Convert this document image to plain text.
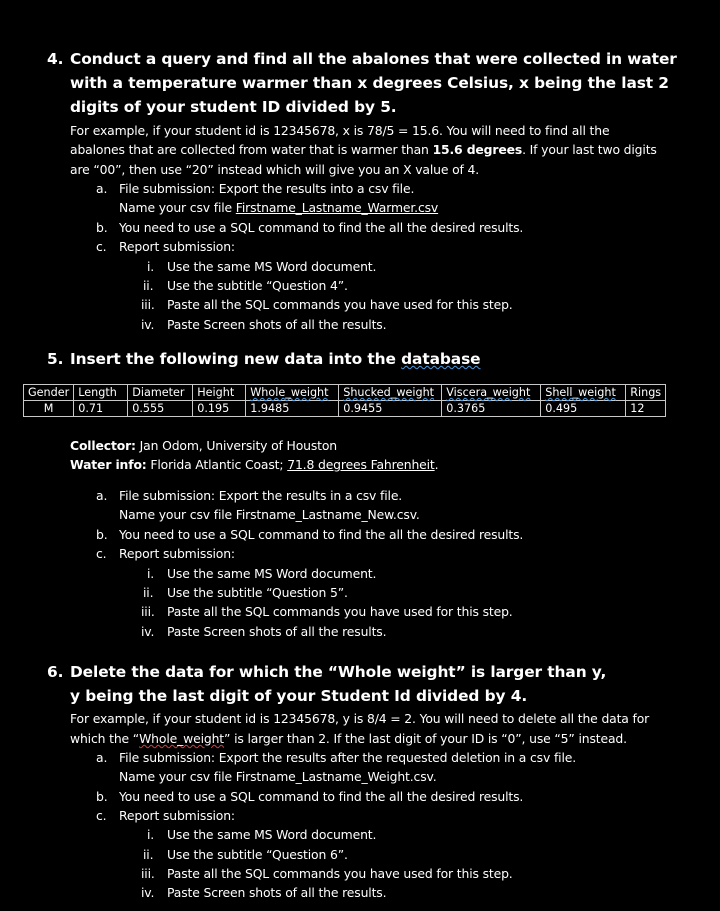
4. Conduct a query and find all the abalones that were collected in water
with a temperature warmer than x degrees Celsius, x being the last 2
digits of your student ID divided by 5.
For example, if your student id is 12345678, x is 78/5 = 15.6. You will need to find all the
abalones that are collected from water that is warmer than 15.6 degrees. If your last two digits
are “00”, then use “20” instead which will give you an X value of 4.
a. File submission: Export the results into a csv file.
Name your csv file Firstname_Lastname_Warmer.csv
b. You need to use a SQL command to find the all the desired results.
c. Report submission:
i. Use the same MS Word document.
ii. Use the subtitle “Question 4”.
iii. Paste all the SQL commands you have used for this step.
iv. Paste Screen shots of all the results.
5. Insert the following new data into the database
Gender	Length	Diameter	Height	Whole_weight	Shucked_weight	Viscera_weight	Shell_weight	Rings
M	0.71	0.555	0.195	1.9485	0.9455	0.3765	0.495	12
Collector: Jan Odom, University of Houston
Water info: Florida Atlantic Coast; 71.8 degrees Fahrenheit.
a. File submission: Export the results in a csv file.
Name your csv file Firstname_Lastname_New.csv.
b. You need to use a SQL command to find the all the desired results.
c. Report submission:
i. Use the same MS Word document.
ii. Use the subtitle “Question 5”.
iii. Paste all the SQL commands you have used for this step.
iv. Paste Screen shots of all the results.
6. Delete the data for which the “Whole weight” is larger than y,
y being the last digit of your Student Id divided by 4.
For example, if your student id is 12345678, y is 8/4 = 2. You will need to delete all the data for
which the “Whole_weight” is larger than 2. If the last digit of your ID is “0”, use “5” instead.
a. File submission: Export the results after the requested deletion in a csv file.
Name your csv file Firstname_Lastname_Weight.csv.
b. You need to use a SQL command to find the all the desired results.
c. Report submission:
i. Use the same MS Word document.
ii. Use the subtitle “Question 6”.
iii. Paste all the SQL commands you have used for this step.
iv. Paste Screen shots of all the results.
